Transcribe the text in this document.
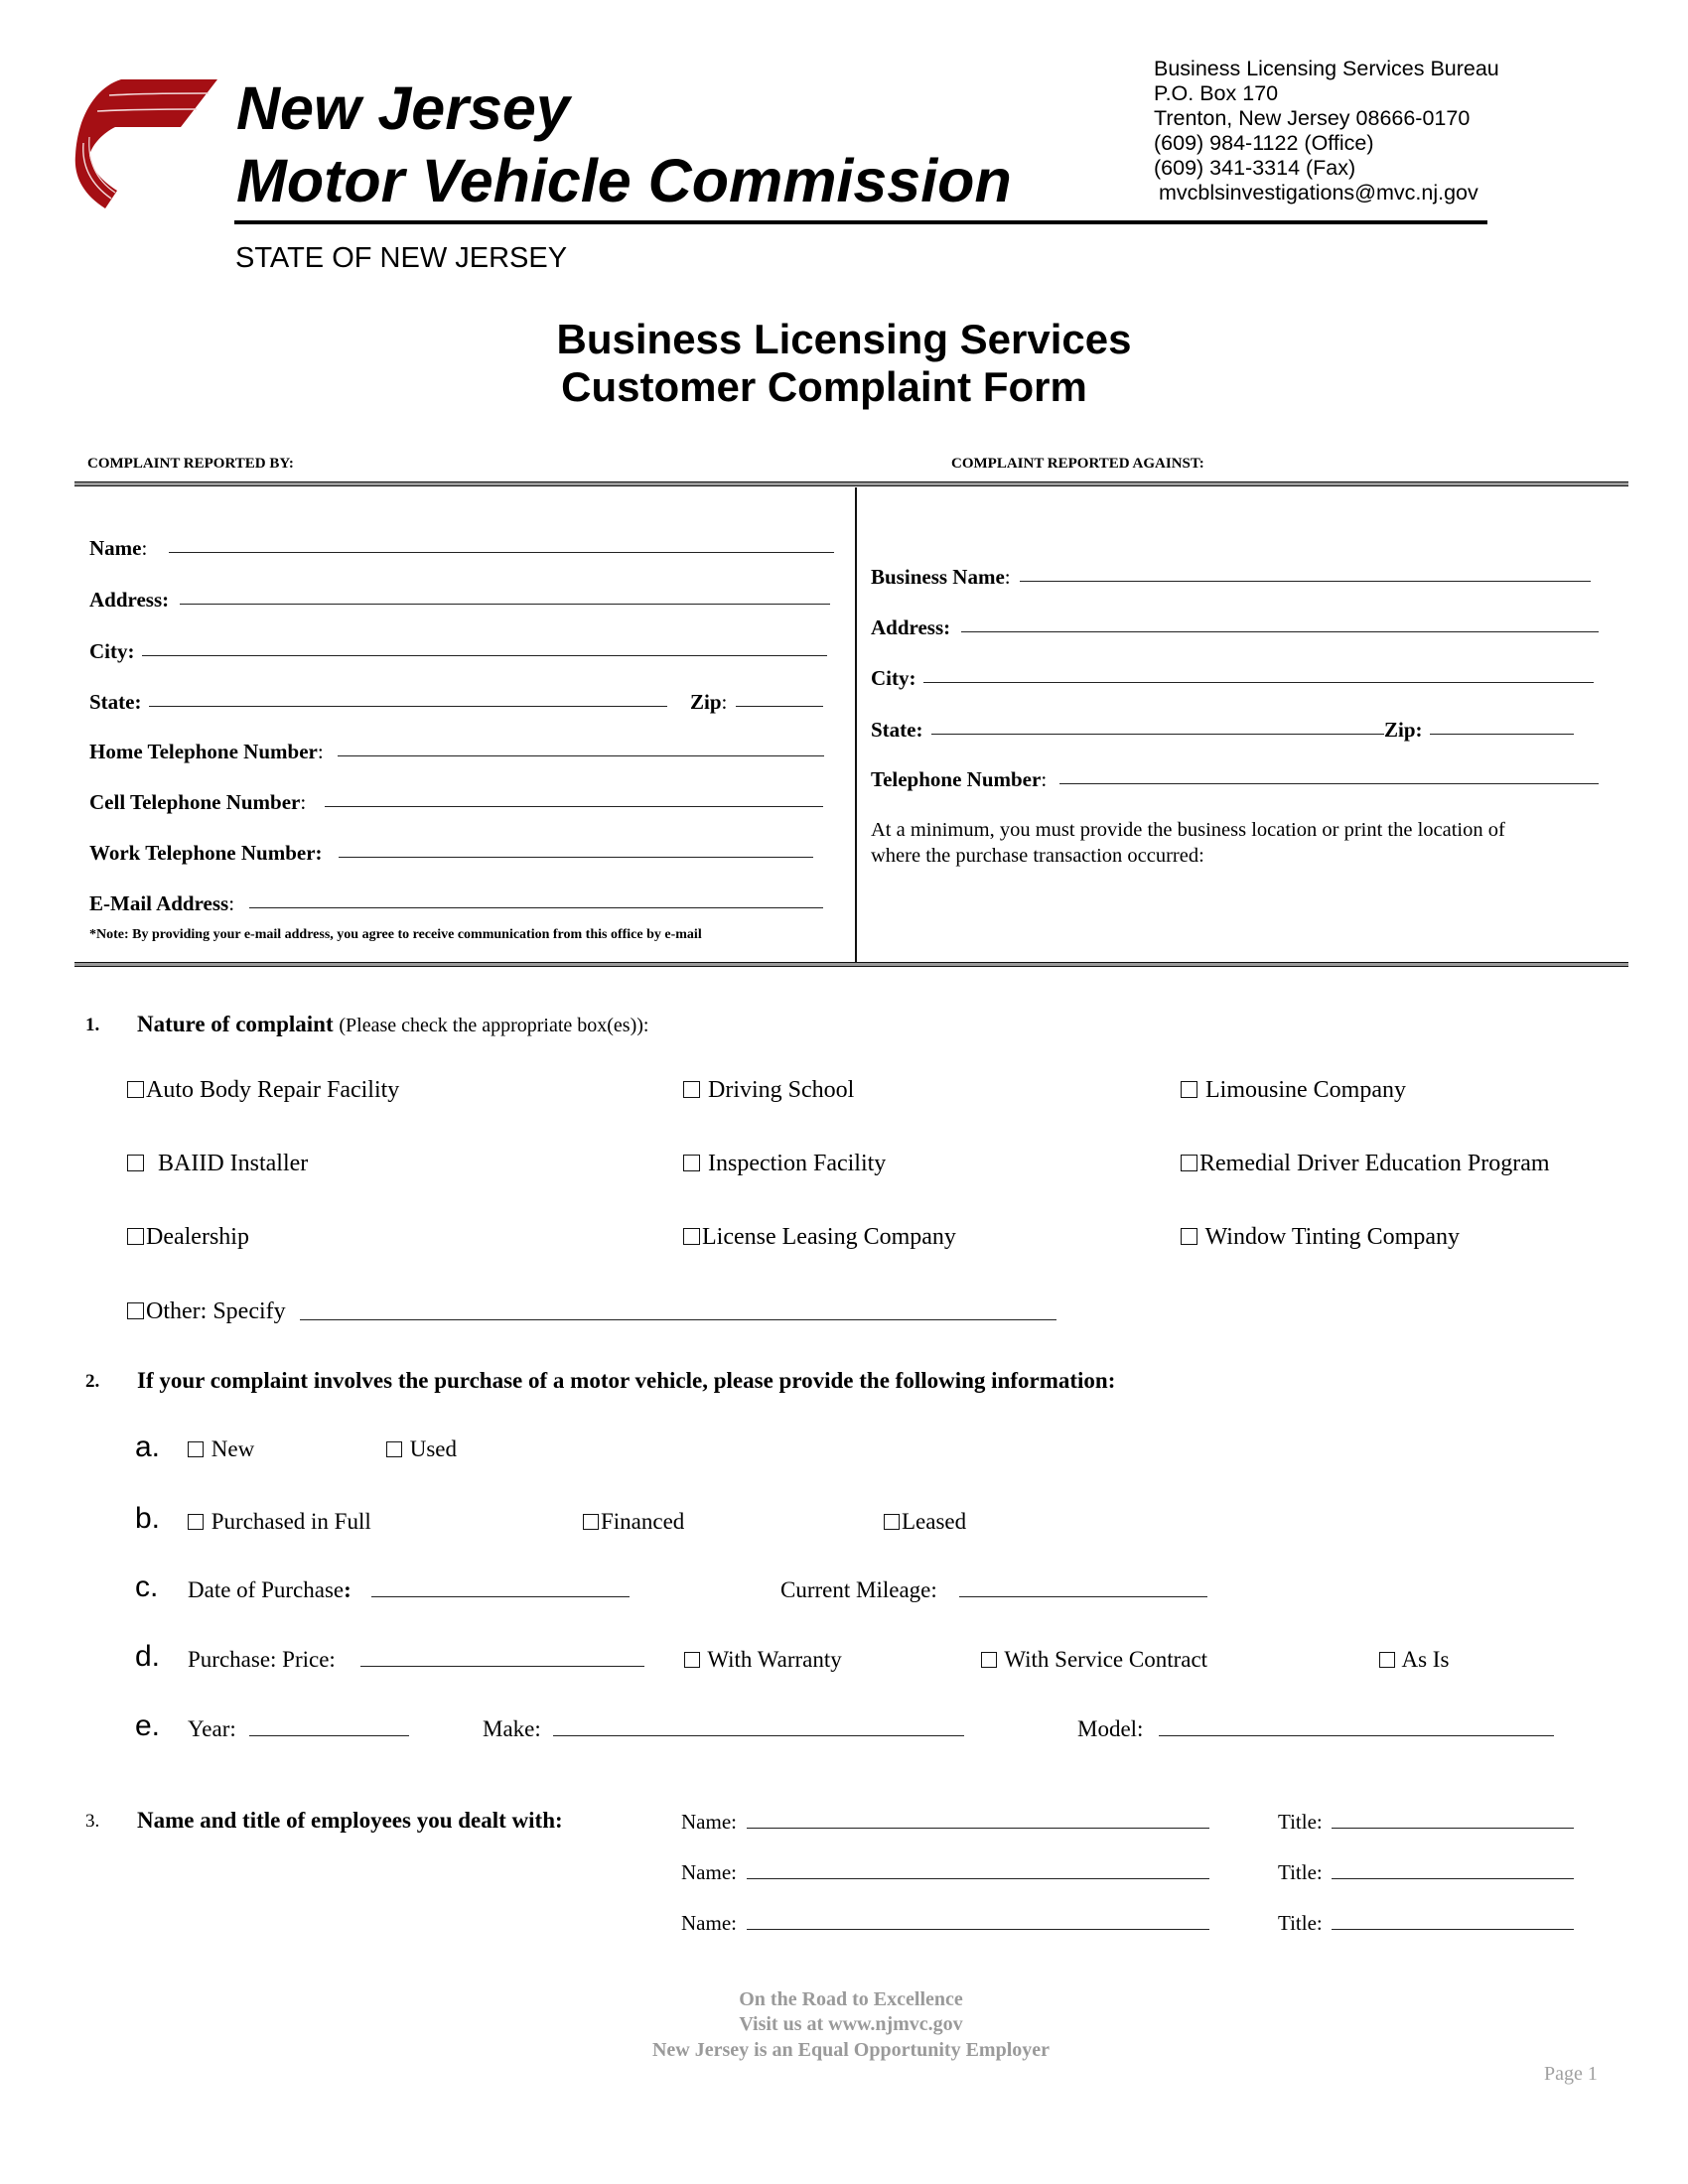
New Jersey
Motor Vehicle Commission
STATE OF NEW JERSEY
Business Licensing Services Bureau
P.O. Box 170
Trenton, New Jersey 08666-0170
(609) 984-1122 (Office)
(609) 341-3314 (Fax)
mvcblsinvestigations@mvc.nj.gov
Business Licensing Services
Customer Complaint Form
COMPLAINT REPORTED BY:	COMPLAINT REPORTED AGAINST:
Name:
Address:
City:
State:	Zip:
Home Telephone Number:
Cell Telephone Number:
Work Telephone Number:
E-Mail Address:
*Note: By providing your e-mail address, you agree to receive communication from this office by e-mail
Business Name:
Address:
City:
State:	Zip:
Telephone Number:
At a minimum, you must provide the business location or print the location of
where the purchase transaction occurred:
1. Nature of complaint (Please check the appropriate box(es)):
Auto Body Repair Facility	Driving School	Limousine Company
BAIID Installer	Inspection Facility	Remedial Driver Education Program
Dealership	License Leasing Company	Window Tinting Company
Other: Specify
2. If your complaint involves the purchase of a motor vehicle, please provide the following information:
a.	New	Used
b.	Purchased in Full	Financed	Leased
c. Date of Purchase:	Current Mileage:
d. Purchase: Price:	With Warranty	With Service Contract	As Is
e. Year:	Make:	Model:
3. Name and title of employees you dealt with:	Name:	Title:
Name:	Title:
Name:	Title:
On the Road to Excellence
Visit us at www.njmvc.gov
New Jersey is an Equal Opportunity Employer
Page 1
